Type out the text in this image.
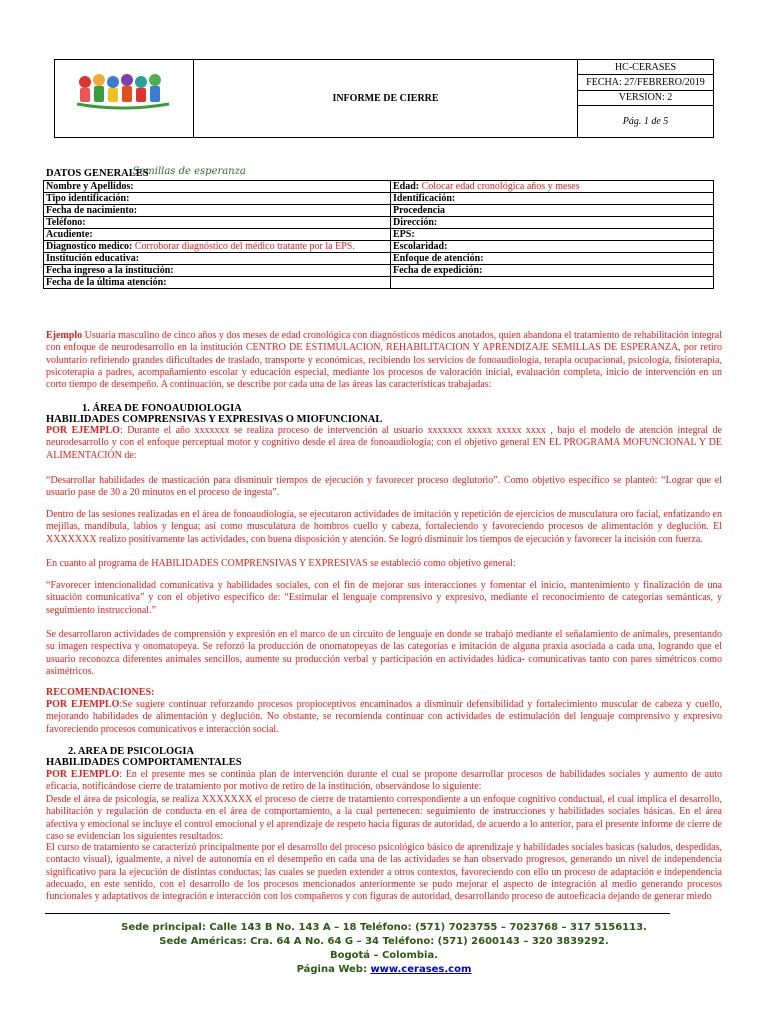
Semillas de esperanza
	INFORME DE CIERRE	HC-CERASES
FECHA: 27/FEBRERO/2019
VERSION: 2
Pág. 1 de 5
DATOS GENERALES
Nombre y Apellidos:	Edad: Colocar edad cronológica años y meses
Tipo identificación:	Identificación:
Fecha de nacimiento:	Procedencia
Teléfono:	Dirección:
Acudiente:	EPS:
Diagnostico medico: Corroborar diagnóstico del médico tratante por la EPS.	Escolaridad:
Institución educativa:	Enfoque de atención:
Fecha ingreso a la institución:	Fecha de expedición:
Fecha de la última atención:	
Ejemplo Usuaria masculino de cinco años y dos meses de edad cronológica con diagnósticos médicos anotados, quien abandona el tratamiento de rehabilitación integral con enfoque de neurodesarrollo en la institución CENTRO DE ESTIMULACION, REHABILITACION Y APRENDIZAJE SEMILLAS DE ESPERANZA, por retiro voluntario refiriendo grandes dificultades de traslado, transporte y económicas, recibiendo los servicios de fonoaudiología, terapia ocupacional, psicología, fisioterapia, psicoterapia a padres, acompañamiento escolar y educación especial, mediante los procesos de valoración inicial, evaluación completa, inicio de intervención en un corto tiempo de desempeño. A continuación, se describe por cada una de las áreas las características trabajadas:
1. ÁREA DE FONOAUDIOLOGIA
HABILIDADES COMPRENSIVAS Y EXPRESIVAS O MIOFUNCIONAL
POR EJEMPLO: Durante el año xxxxxxx se realiza proceso de intervención al usuario xxxxxxx xxxxx xxxxx xxxx , bajo el modelo de atención integral de neurodesarrollo y con el enfoque perceptual motor y cognitivo desde el área de fonoaudiología; con el objetivo general EN EL PROGRAMA MOFUNCIONAL Y DE ALIMENTACIÓN de:
“Desarrollar habilidades de masticación para disminuir tiempos de ejecución y favorecer proceso deglutorio”. Como objetivo específico se planteó: “Lograr que el usuario pase de 30 a 20 minutos en el proceso de ingesta”.
Dentro de las sesiones realizadas en el área de fonoaudiología, se ejecutaron actividades de imitación y repetición de ejercicios de musculatura oro facial, enfatizando en mejillas, mandíbula, labios y lengua; así como musculatura de hombros cuello y cabeza, fortaleciendo y favoreciendo procesos de alimentación y deglución. El XXXXXXX realizo positivamente las actividades, con buena disposición y atención. Se logró disminuir los tiempos de ejecución y favorecer la incisión con fuerza.
En cuanto al programa de HABILIDADES COMPRENSIVAS Y EXPRESIVAS se estableció como objetivo general:
“Favorecer intencionalidad comunicativa y habilidades sociales, con el fin de mejorar sus interacciones y fomentar el inicio, mantenimiento y finalización de una situación comunicativa” y con el objetivo específico de: “Estimular el lenguaje comprensivo y expresivo, mediante el reconocimiento de categorías semánticas, y seguimiento instruccional.”
Se desarrollaron actividades de comprensión y expresión en el marco de un circuito de lenguaje en donde se trabajó mediante el señalamiento de animales, presentando su imagen respectiva y onomatopeya. Se reforzó la producción de onomatopeyas de las categorías e imitación de alguna praxia asociada a cada una, logrando que el usuario reconozca diferentes animales sencillos, aumente su producción verbal y participación en actividades lúdica- comunicativas tanto con pares simétricos como asimétricos.
RECOMENDACIONES:
POR EJEMPLO:Se sugiere continuar reforzando procesos propioceptivos encaminados a disminuir defensibilidad y fortalecimiento muscular de cabeza y cuello, mejorando habilidades de alimentación y deglución. No obstante, se recomienda continuar con actividades de estimulación del lenguaje comprensivo y expresivo favoreciendo procesos comunicativos e interacción social.
2. AREA DE PSICOLOGIA
HABILIDADES COMPORTAMENTALES
POR EJEMPLO: En el presente mes se continúa plan de intervención durante el cual se propone desarrollar procesos de habilidades sociales y aumento de auto eficacia, notificándose cierre de tratamiento por motivo de retiro de la institución, observándose lo siguiente:
Desde el área de psicología, se realiza XXXXXXX el proceso de cierre de tratamiento correspondiente a un enfoque cognitivo conductual, el cual implica el desarrollo, habilitación y regulación de conducta en el área de comportamiento, a la cual pertenecen: seguimiento de instrucciones y habilidades sociales básicas. En el área afectiva y emocional se incluye el control emocional y el aprendizaje de respeto hacia figuras de autoridad, de acuerdo a lo anterior, para el presente informe de cierre de caso se evidencian los siguientes resultados:
El curso de tratamiento se caracterizó principalmente por el desarrollo del proceso psicológico básico de aprendizaje y habilidades sociales basicas (saludos, despedidas, contacto visual), igualmente, a nivel de autonomía en el desempeño en cada una de las actividades se han observado progresos, generando un nivel de independencia significativo para la ejecución de distintas conductas; las cuales se pueden extender a otros contextos, favoreciendo con ello un proceso de adaptación e independencia adecuado, en este sentido, con el desarrollo de los procesos mencionados anteriormente se pudo mejorar el aspecto de integración al medio generando procesos funcionales y adaptativos de integración e interacción con los compañeros y con figuras de autoridad, desarrollando proceso de autoeficacia dejando de generar miedo
Sede principal: Calle 143 B No. 143 A – 18 Teléfono: (571) 7023755 – 7023768 – 317 5156113.
Sede Américas: Cra. 64 A No. 64 G – 34 Teléfono: (571) 2600143 – 320 3839292.
Bogotá – Colombia.
Página Web: www.cerases.com
